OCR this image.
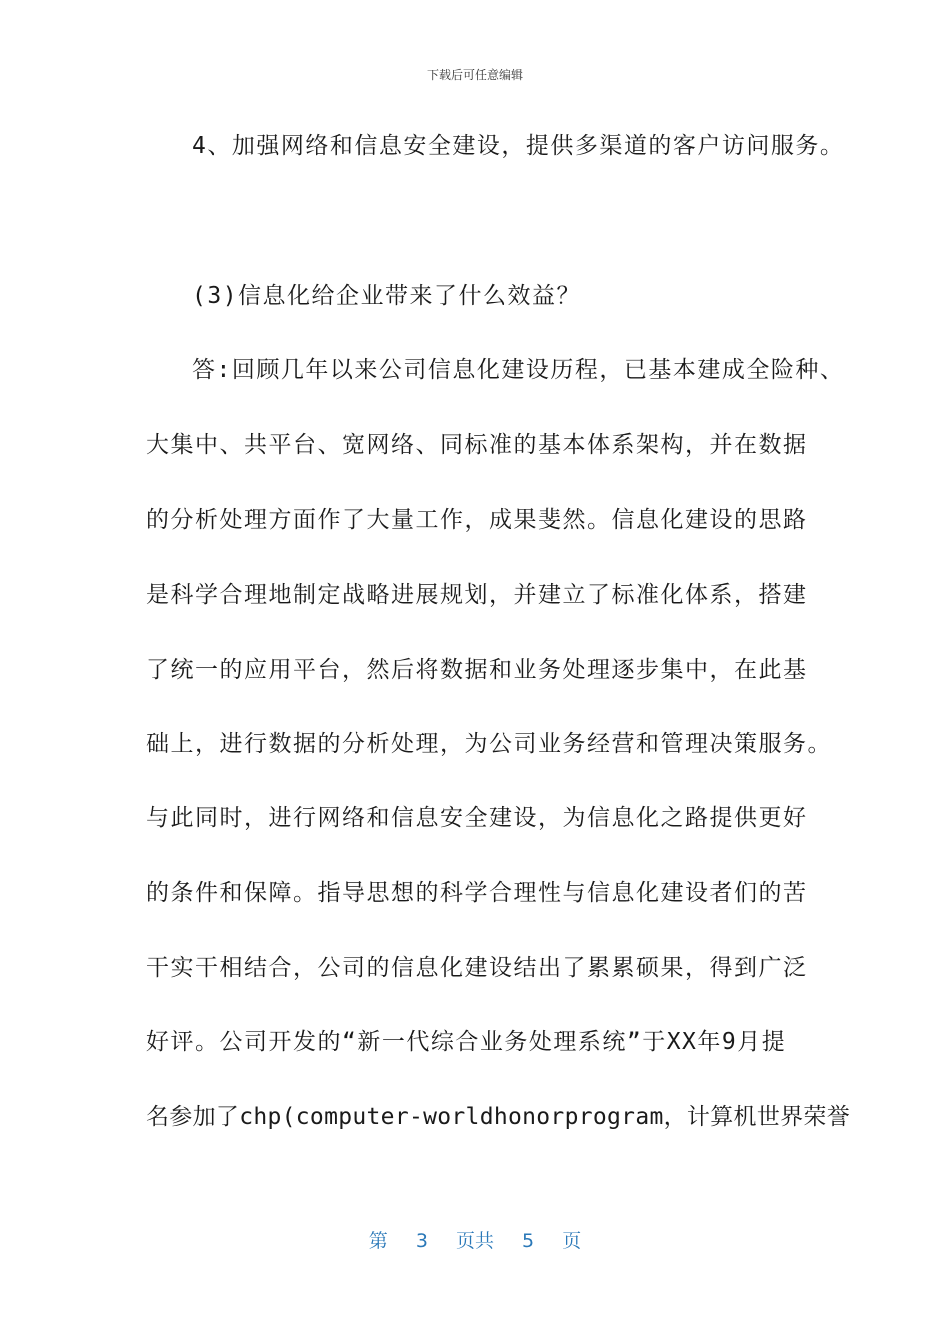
下载后可任意编辑
4、加强网络和信息安全建设，提供多渠道的客户访问服务。
(3)信息化给企业带来了什么效益？
答:回顾几年以来公司信息化建设历程，已基本建成全险种、
大集中、共平台、宽网络、同标准的基本体系架构，并在数据
的分析处理方面作了大量工作，成果斐然。信息化建设的思路
是科学合理地制定战略进展规划，并建立了标准化体系，搭建
了统一的应用平台，然后将数据和业务处理逐步集中，在此基
础上，进行数据的分析处理，为公司业务经营和管理决策服务。
与此同时，进行网络和信息安全建设，为信息化之路提供更好
的条件和保障。指导思想的科学合理性与信息化建设者们的苦
干实干相结合，公司的信息化建设结出了累累硕果，得到广泛
好评。公司开发的“新一代综合业务处理系统”于XX年9月提
名参加了chp(computer-worldhonorprogram，计算机世界荣誉
第 3 页共 5 页
